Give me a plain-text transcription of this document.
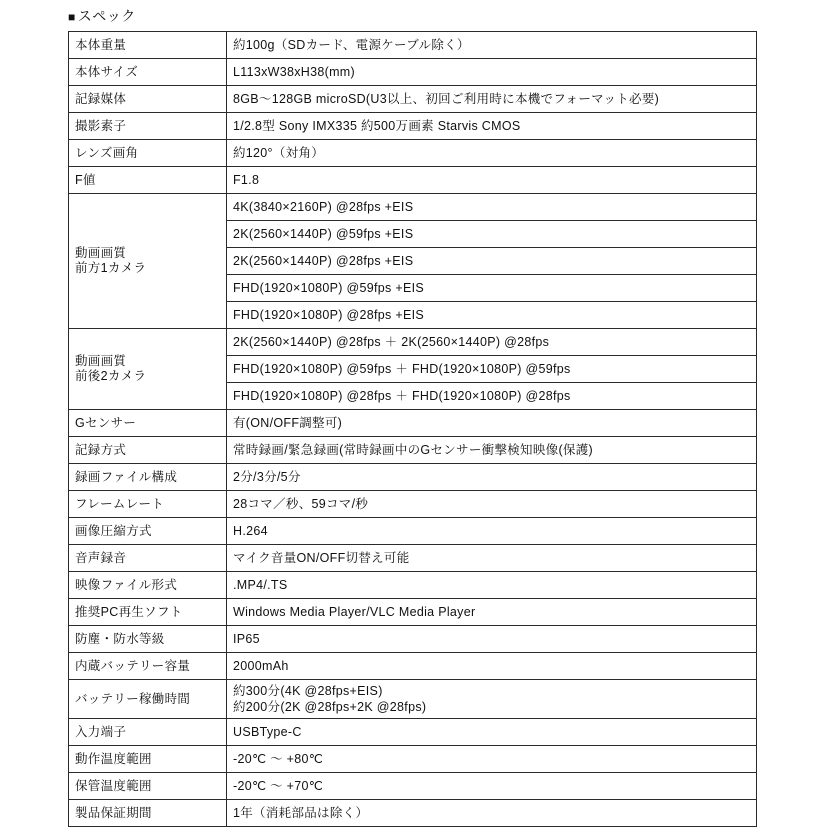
■ スペック
本体重量	約100g（SDカード、電源ケーブル除く）
本体サイズ	L113xW38xH38(mm)
記録媒体	8GB〜128GB microSD(U3以上、初回ご利用時に本機でフォーマット必要)
撮影素子	1/2.8型 Sony IMX335 約500万画素 Starvis CMOS
レンズ画角	約120°（対角）
F値	F1.8

動画画質
前方1カメラ	4K(3840×2160P) @28fps +EIS
	2K(2560×1440P) @59fps +EIS
	2K(2560×1440P) @28fps +EIS
	FHD(1920×1080P) @59fps +EIS
	FHD(1920×1080P) @28fps +EIS

動画画質
前後2カメラ	2K(2560×1440P) @28fps ＋ 2K(2560×1440P) @28fps
	FHD(1920×1080P) @59fps ＋ FHD(1920×1080P) @59fps
	FHD(1920×1080P) @28fps ＋ FHD(1920×1080P) @28fps
Gセンサー	有(ON/OFF調整可)
記録方式	常時録画/緊急録画(常時録画中のGセンサー衝撃検知映像(保護)
録画ファイル構成	2分/3分/5分
フレームレート	28コマ／秒、59コマ/秒
画像圧縮方式	H.264
音声録音	マイク音量ON/OFF切替え可能
映像ファイル形式	.MP4/.TS
推奨PC再生ソフト	Windows Media Player/VLC Media Player
防塵・防水等級	IP65
内蔵バッテリー容量	2000mAh
バッテリー稼働時間	約300分(4K @28fps+EIS)
約200分(2K @28fps+2K @28fps)

入力端子	USBType-C
動作温度範囲	-20℃ 〜 +80℃
保管温度範囲	-20℃ 〜 +70℃
製品保証期間	1年（消耗部品は除く）
